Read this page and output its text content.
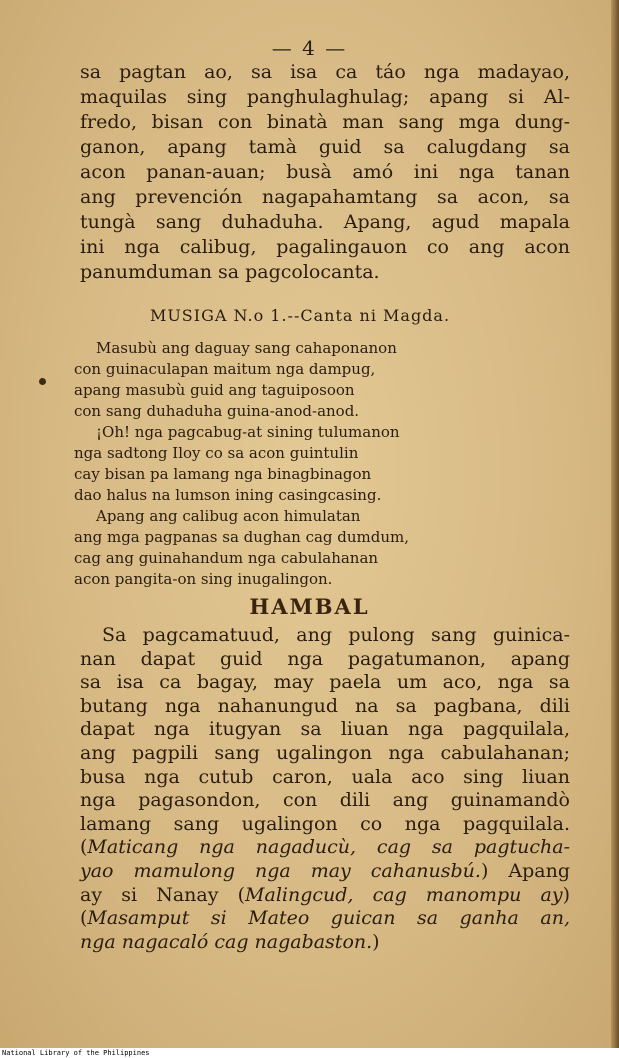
— 4 —
sa pagtan ao, sa isa ca táo nga madayao,
maquilas sing panghulaghulag; apang si Al-
fredo, bisan con binatà man sang mga dung-
ganon, apang tamà guid sa calugdang sa
acon panan-auan; busà amó ini nga tanan
ang prevención nagapahamtang sa acon, sa
tungà sang duhaduha. Apang, agud mapala
ini nga calibug, pagalingauon co ang acon
panumduman sa pagcolocanta.
MUSIGA N.o 1.--Canta ni Magda.
Masubù ang daguay sang cahaponanon
con guinaculapan maitum nga dampug,
apang masubù guid ang taguiposoon
con sang duhaduha guina-anod-anod.
¡Oh! nga pagcabug-at sining tulumanon
nga sadtong Iloy co sa acon guintulin
cay bisan pa lamang nga binagbinagon
dao halus na lumson ining casingcasing.
Apang ang calibug acon himulatan
ang mga pagpanas sa dughan cag dumdum,
cag ang guinahandum nga cabulahanan
acon pangita-on sing inugalingon.
HAMBAL
Sa pagcamatuud, ang pulong sang guinica-
nan dapat guid nga pagatumanon, apang
sa isa ca bagay, may paela um aco, nga sa
butang nga nahanungud na sa pagbana, dili
dapat nga itugyan sa liuan nga pagquilala,
ang pagpili sang ugalingon nga cabulahanan;
busa nga cutub caron, uala aco sing liuan
nga pagasondon, con dili ang guinamandò
lamang sang ugalingon co nga pagquilala.
(Maticang nga nagaducù, cag sa pagtucha-
yao mamulong nga may cahanusbú.) Apang
ay si Nanay (Malingcud, cag manompu ay)
(Masamput si Mateo guican sa ganha an,
nga nagacaló cag nagabaston.)
National Library of the Philippines
